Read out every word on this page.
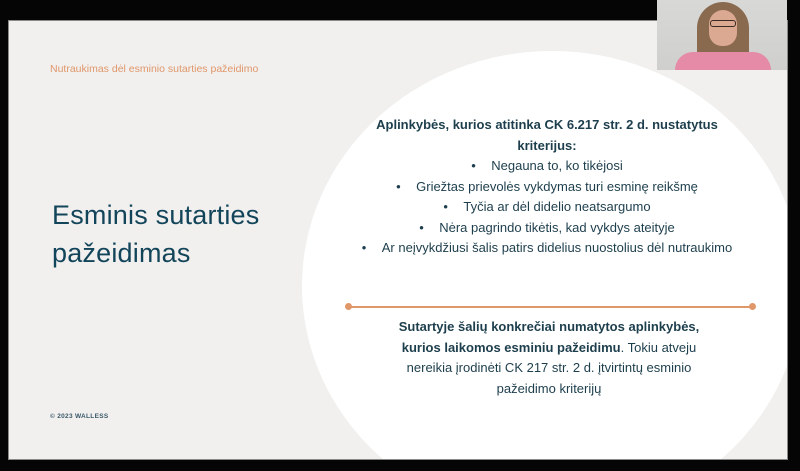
Nutraukimas dėl esminio sutarties pažeidimo
Esminis sutarties pažeidimas
Aplinkybės, kurios atitinka CK 6.217 str. 2 d. nustatytus kriterijus:
• Negauna to, ko tikėjosi
• Griežtas prievolės vykdymas turi esminę reikšmę
• Tyčia ar dėl didelio neatsargumo
• Nėra pagrindo tikėtis, kad vykdys ateityje
• Ar neįvykdžiusi šalis patirs didelius nuostolius dėl nutraukimo
Sutartyje šalių konkrečiai numatytos aplinkybės, kurios laikomos esminiu pažeidimu. Tokiu atveju nereikia įrodinėti CK 217 str. 2 d. įtvirtintų esminio pažeidimo kriterijų
© 2023 WALLESS
